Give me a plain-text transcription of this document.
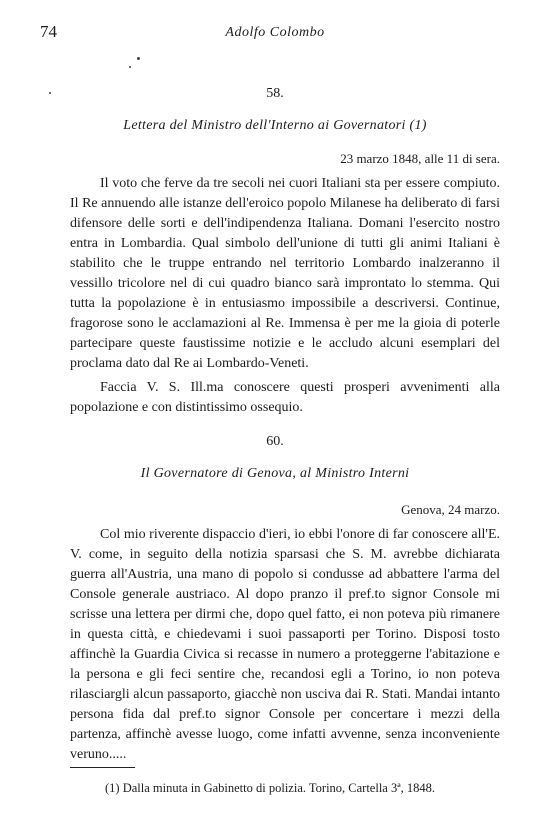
74	Adolfo Colombo
58.
Lettera del Ministro dell'Interno ai Governatori (1)
23 marzo 1848, alle 11 di sera.

Il voto che ferve da tre secoli nei cuori Italiani sta per essere compiuto. Il Re annuendo alle istanze dell'eroico popolo Milanese ha deliberato di farsi difensore delle sorti e dell'indipendenza Italiana. Domani l'esercito nostro entra in Lombardia. Qual simbolo dell'unione di tutti gli animi Italiani è stabilito che le truppe entrando nel territorio Lombardo inalzeranno il vessillo tricolore nel di cui quadro bianco sarà improntato lo stemma. Qui tutta la popolazione è in entusiasmo impossibile a descriversi. Continue, fragorose sono le acclamazioni al Re. Immensa è per me la gioia di poterle partecipare queste faustissime notizie e le accludo alcuni esemplari del proclama dato dal Re ai Lombardo-Veneti.

Faccia V. S. Ill.ma conoscere questi prosperi avvenimenti alla popolazione e con distintissimo ossequio.

60.
Il Governatore di Genova, al Ministro Interni
Genova, 24 marzo.

Col mio riverente dispaccio d'ieri, io ebbi l'onore di far conoscere all'E. V. come, in seguito della notizia sparsasi che S. M. avrebbe dichiarata guerra all'Austria, una mano di popolo si condusse ad abbattere l'arma del Console generale austriaco. Al dopo pranzo il pref.to signor Console mi scrisse una lettera per dirmi che, dopo quel fatto, ei non poteva più rimanere in questa città, e chiedevami i suoi passaporti per Torino. Disposi tosto affinchè la Guardia Civica si recasse in numero a proteggerne l'abitazione e la persona e gli feci sentire che, recandosi egli a Torino, io non poteva rilasciargli alcun passaporto, giacchè non usciva dai R. Stati. Mandai intanto persona fida dal pref.to signor Console per concertare i mezzi della partenza, affinchè avesse luogo, come infatti avvenne, senza inconveniente veruno.....

(1) Dalla minuta in Gabinetto di polizia. Torino, Cartella 3ª, 1848.
